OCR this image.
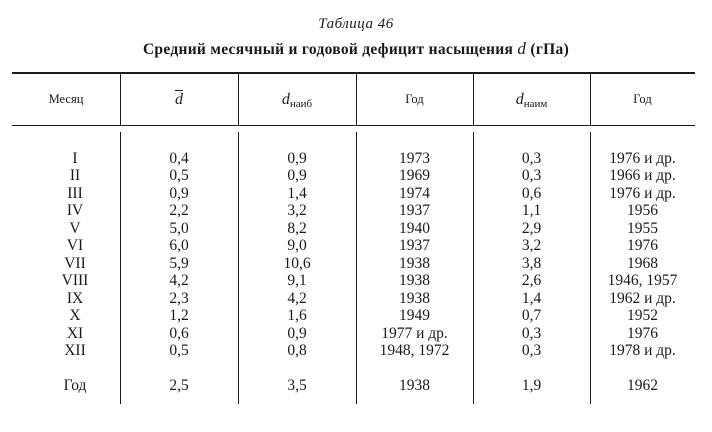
Таблица 46
Средний месячный и годовой дефицит насыщения d (гПа)
Месяц	$\overline{d}$	d наиб	Год	d наим	Год
I	0,4	0,9	1973	0,3	1976 и др.
II	0,5	0,9	1969	0,3	1966 и др.
III	0,9	1,4	1974	0,6	1976 и др.
IV	2,2	3,2	1937	1,1	1956
V	5,0	8,2	1940	2,9	1955
VI	6,0	9,0	1937	3,2	1976
VII	5,9	10,6	1938	3,8	1968
VIII	4,2	9,1	1938	2,6	1946, 1957
IX	2,3	4,2	1938	1,4	1962 и др.
X	1,2	1,6	1949	0,7	1952
XI	0,6	0,9	1977 и др.	0,3	1976
XII	0,5	0,8	1948, 1972	0,3	1978 и др.
Год	2,5	3,5	1938	1,9	1962
